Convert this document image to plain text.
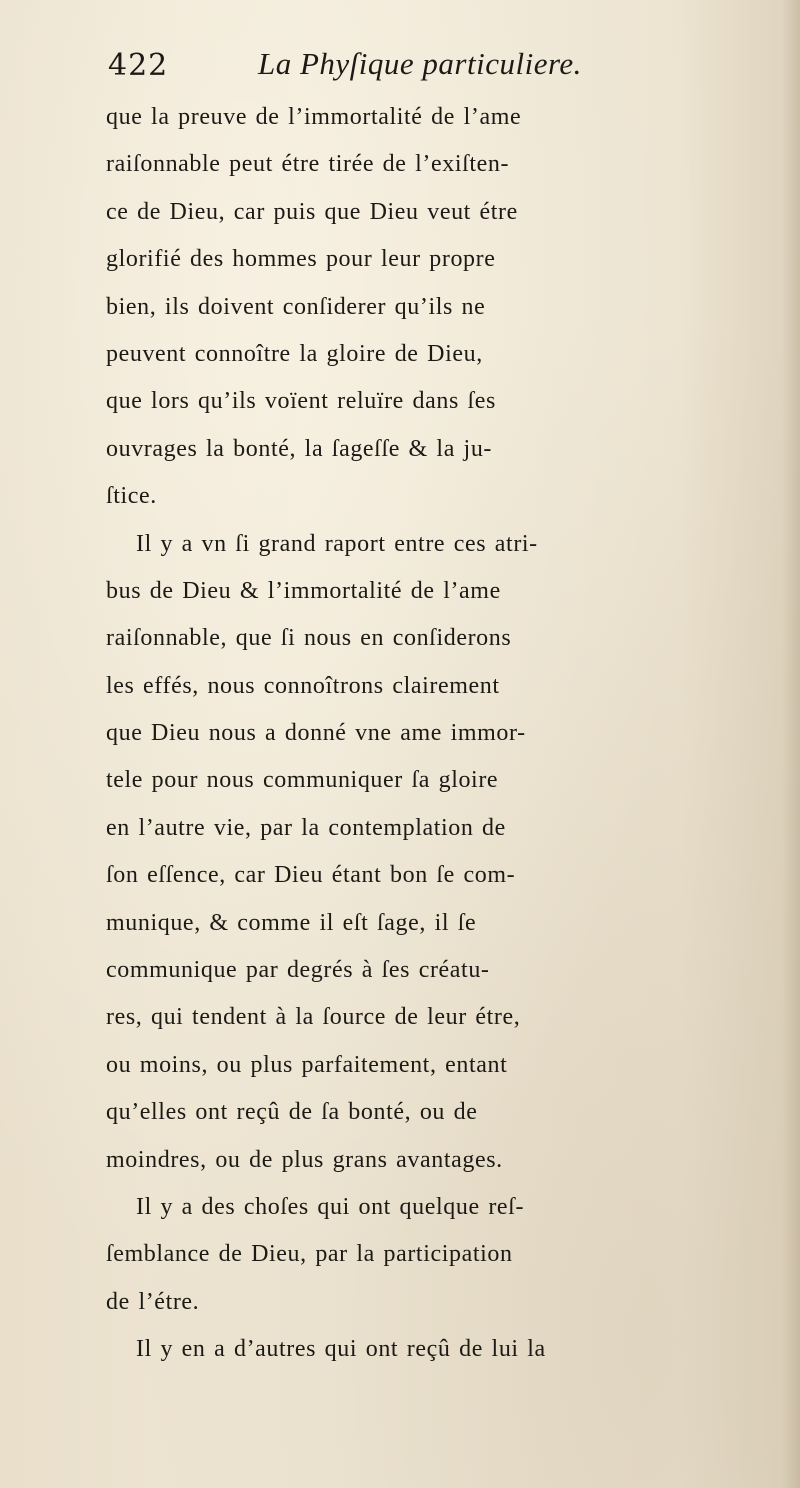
422	La Phyſique particuliere.
que la preuve de l’immortalité de l’ame
raiſonnable peut étre tirée de l’exiſten-
ce de Dieu, car puis que Dieu veut étre
glorifié des hommes pour leur propre
bien, ils doivent conſiderer qu’ils ne
peuvent connoître la gloire de Dieu,
que lors qu’ils voïent reluïre dans ſes
ouvrages la bonté, la ſageſſe & la ju-
ſtice.
Il y a vn ſi grand raport entre ces atri-
bus de Dieu & l’immortalité de l’ame
raiſonnable, que ſi nous en conſiderons
les effés, nous connoîtrons clairement
que Dieu nous a donné vne ame immor-
tele pour nous communiquer ſa gloire
en l’autre vie, par la contemplation de
ſon eſſence, car Dieu étant bon ſe com-
munique, & comme il eſt ſage, il ſe
communique par degrés à ſes créatu-
res, qui tendent à la ſource de leur étre,
ou moins, ou plus parfaitement, entant
qu’elles ont reçû de ſa bonté, ou de
moindres, ou de plus grans avantages.
Il y a des choſes qui ont quelque reſ-
ſemblance de Dieu, par la participation
de l’étre.
Il y en a d’autres qui ont reçû de lui la
